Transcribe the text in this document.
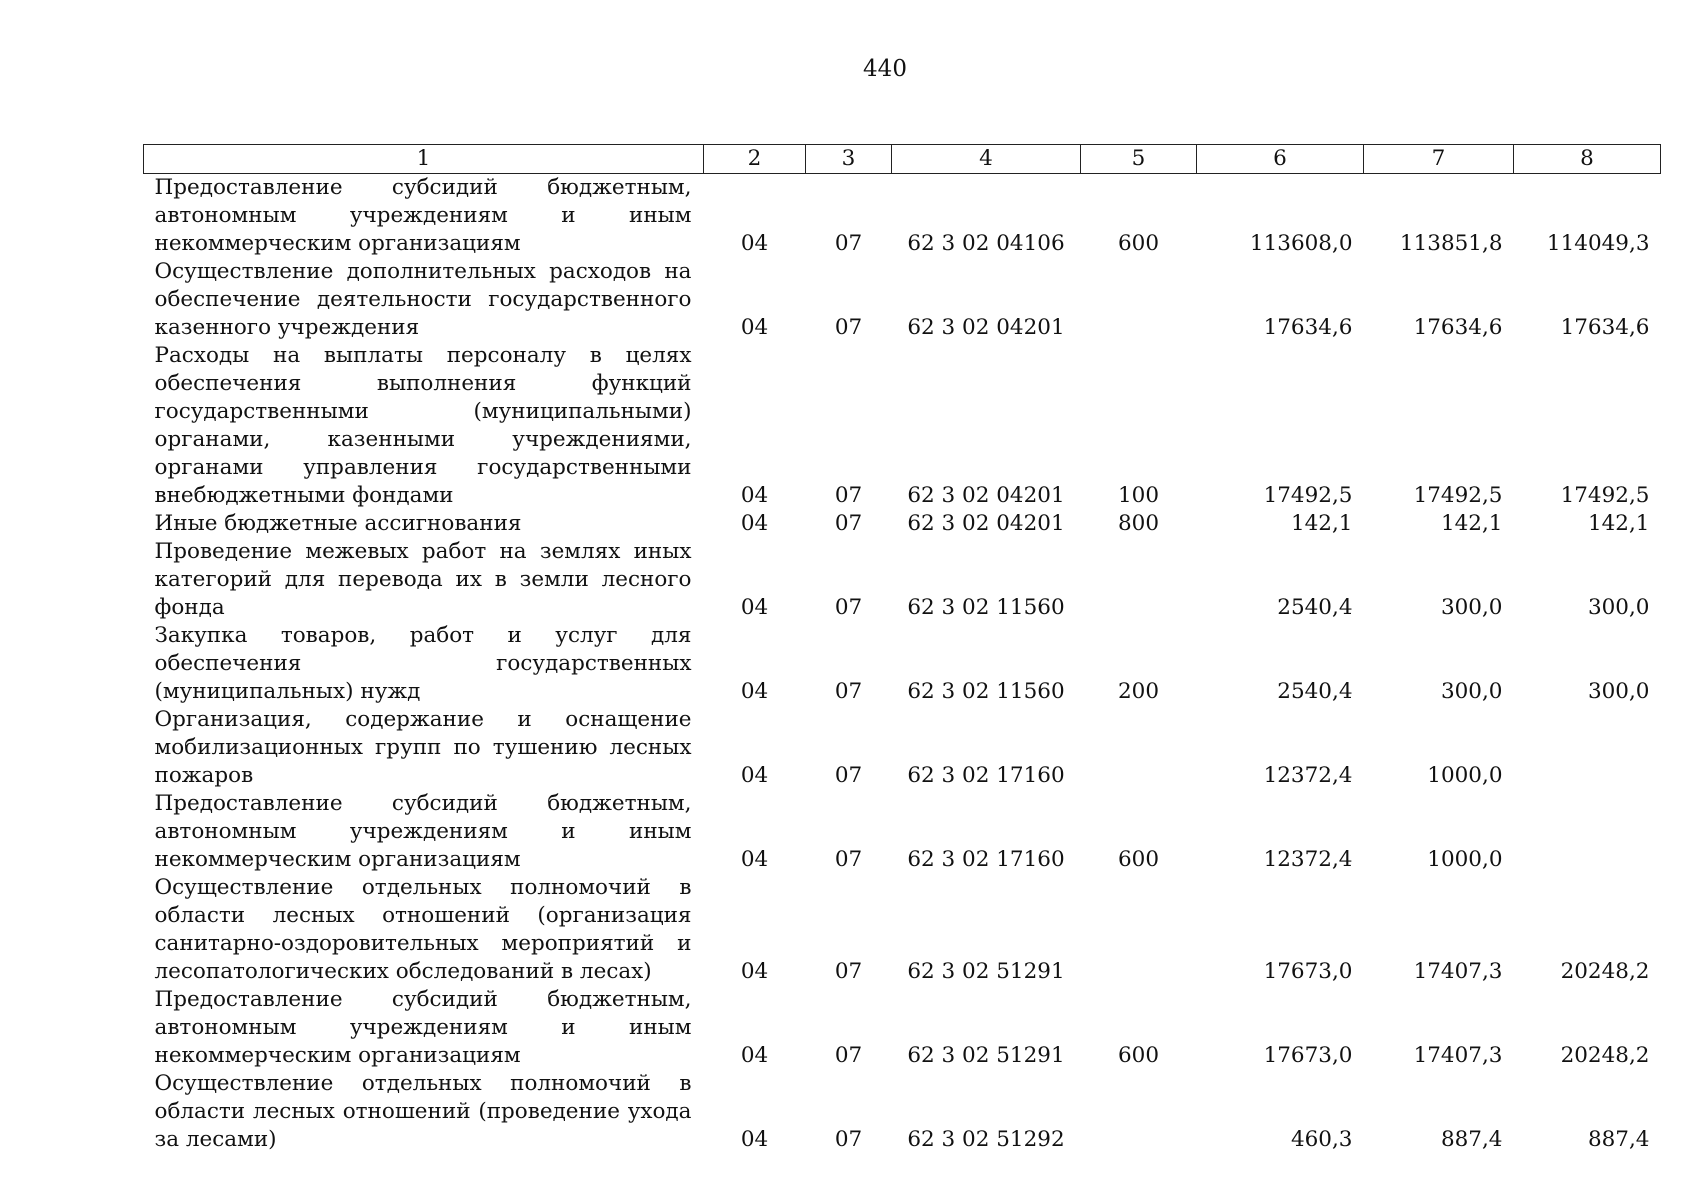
440
1	2	3	4	5	6	7	8
Предоставление субсидий бюджетным, автономным учреждениям и иным некоммерческим организациям	04	07	62 3 02 04106	600	113608,0	113851,8	114049,3
Осуществление дополнительных расходов на обеспечение деятельности государственного казенного учреждения	04	07	62 3 02 04201		17634,6	17634,6	17634,6
Расходы на выплаты персоналу в целях обеспечения выполнения функций государственными (муниципальными) органами, казенными учреждениями, органами управления государственными внебюджетными фондами	04	07	62 3 02 04201	100	17492,5	17492,5	17492,5
Иные бюджетные ассигнования	04	07	62 3 02 04201	800	142,1	142,1	142,1
Проведение межевых работ на землях иных категорий для перевода их в земли лесного фонда	04	07	62 3 02 11560		2540,4	300,0	300,0
Закупка товаров, работ и услуг для обеспечения государственных (муниципальных) нужд	04	07	62 3 02 11560	200	2540,4	300,0	300,0
Организация, содержание и оснащение мобилизационных групп по тушению лесных пожаров	04	07	62 3 02 17160		12372,4	1000,0	
Предоставление субсидий бюджетным, автономным учреждениям и иным некоммерческим организациям	04	07	62 3 02 17160	600	12372,4	1000,0	
Осуществление отдельных полномочий в области лесных отношений (организация санитарно-оздоровительных мероприятий и лесопатологических обследований в лесах)	04	07	62 3 02 51291		17673,0	17407,3	20248,2
Предоставление субсидий бюджетным, автономным учреждениям и иным некоммерческим организациям	04	07	62 3 02 51291	600	17673,0	17407,3	20248,2
Осуществление отдельных полномочий в области лесных отношений (проведение ухода за лесами)	04	07	62 3 02 51292		460,3	887,4	887,4
